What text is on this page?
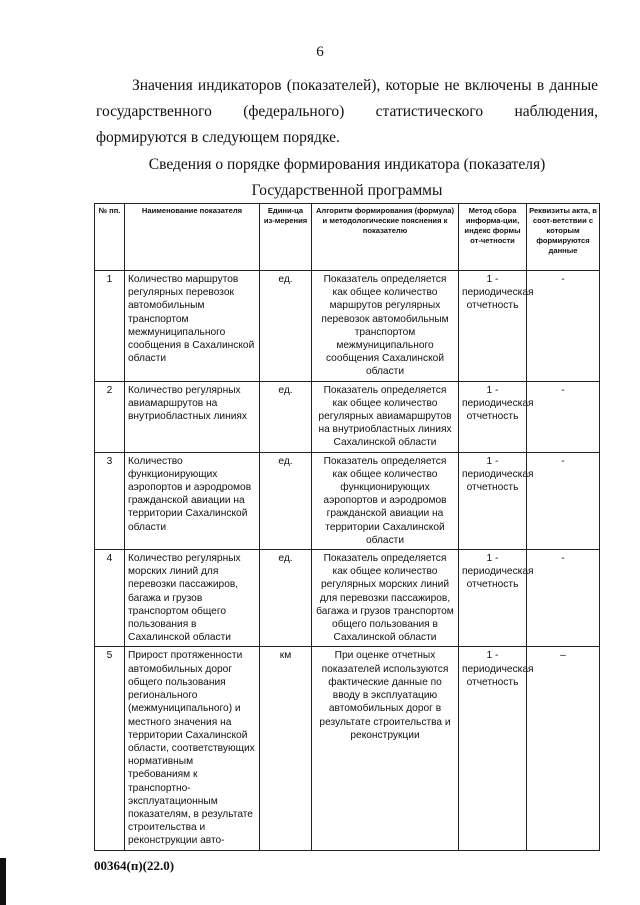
6

Значения индикаторов (показателей), которые не включены в данные государственного (федерального) статистического наблюдения, формируются в следующем порядке.

Сведения о порядке формирования индикатора (показателя)
Государственной программы
№ пп.	Наименование показателя	Едини-ца из-мерения	Алгоритм формирования (формула) и методологические пояснения к показателю	Метод сбора информа-ции, индекс формы от-четности	Реквизиты акта, в соот-ветствии с которым формируются данные
1	Количество маршрутов регулярных перевозок автомобильным транспортом межмуниципального сообщения в Сахалинской области	ед.	Показатель определяется как общее количество маршрутов регулярных перевозок автомобильным транспортом межмуниципального сообщения Сахалинской области	1 - периодическая отчетность	-
2	Количество регулярных авиамаршрутов на внутриобластных линиях	ед.	Показатель определяется как общее количество регулярных авиамаршрутов на внутриобластных линиях Сахалинской области	1 - периодическая отчетность	-
3	Количество функционирующих аэропортов и аэродромов гражданской авиации на территории Сахалинской области	ед.	Показатель определяется как общее количество функционирующих аэропортов и аэродромов гражданской авиации на территории Сахалинской области	1 - периодическая отчетность	-
4	Количество регулярных морских линий для перевозки пассажиров, багажа и грузов транспортом общего пользования в Сахалинской области	ед.	Показатель определяется как общее количество регулярных морских линий для перевозки пассажиров, багажа и грузов транспортом общего пользования в Сахалинской области	1 - периодическая отчетность	-
5	Прирост протяженности автомобильных дорог общего пользования регионального (межмуниципального) и местного значения на территории Сахалинской области, соответствующих нормативным требованиям к транспортно-эксплуатационным показателям, в результате строительства и реконструкции авто-	км	При оценке отчетных показателей используются фактические данные по вводу в эксплуатацию автомобильных дорог в результате строительства и реконструкции	1 - периодическая отчетность	–
00364(п)(22.0)
